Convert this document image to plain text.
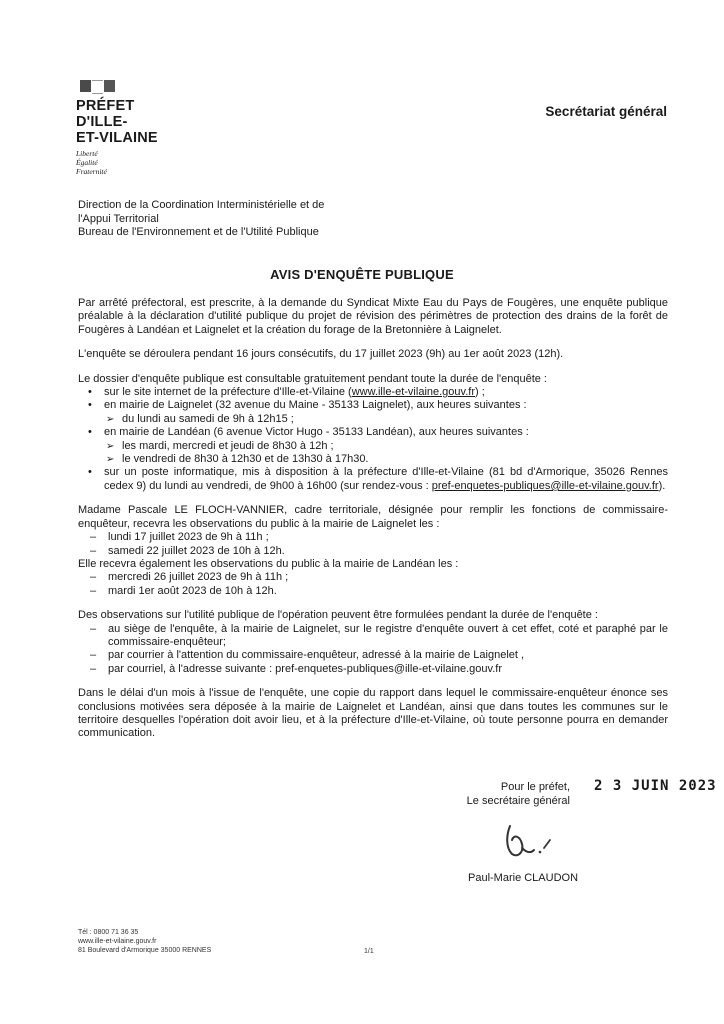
PRÉFET
D'ILLE-
ET-VILAINE
Liberté
Égalité
Fraternité
Secrétariat général
Direction de la Coordination Interministérielle et de
l'Appui Territorial
Bureau de l'Environnement et de l'Utilité Publique
AVIS D'ENQUÊTE PUBLIQUE

Par arrêté préfectoral, est prescrite, à la demande du Syndicat Mixte Eau du Pays de Fougères, une enquête publique préalable à la déclaration d'utilité publique du projet de révision des périmètres de protection des drains de la forêt de Fougères à Landéan et Laignelet et la création du forage de la Bretonnière à Laignelet.

L'enquête se déroulera pendant 16 jours consécutifs, du 17 juillet 2023 (9h) au 1er août 2023 (12h).

Le dossier d'enquête publique est consultable gratuitement pendant toute la durée de l'enquête :

• sur le site internet de la préfecture d'Ille-et-Vilaine (www.ille-et-vilaine.gouv.fr) ;
• en mairie de Laignelet (32 avenue du Maine - 35133 Laignelet), aux heures suivantes :
➢ du lundi au samedi de 9h à 12h15 ;
• en mairie de Landéan (6 avenue Victor Hugo - 35133 Landéan), aux heures suivantes :
➢ les mardi, mercredi et jeudi de 8h30 à 12h ;
➢ le vendredi de 8h30 à 12h30 et de 13h30 à 17h30.
• sur un poste informatique, mis à disposition à la préfecture d'Ille-et-Vilaine (81 bd d'Armorique, 35026 Rennes cedex 9) du lundi au vendredi, de 9h00 à 16h00 (sur rendez-vous : pref-enquetes-publiques@ille-et-vilaine.gouv.fr).

Madame Pascale LE FLOCH-VANNIER, cadre territoriale, désignée pour remplir les fonctions de commissaire-enquêteur, recevra les observations du public à la mairie de Laignelet les :

– lundi 17 juillet 2023 de 9h à 11h ;
– samedi 22 juillet 2023 de 10h à 12h.

Elle recevra également les observations du public à la mairie de Landéan les :

– mercredi 26 juillet 2023 de 9h à 11h ;
– mardi 1er août 2023 de 10h à 12h.

Des observations sur l'utilité publique de l'opération peuvent être formulées pendant la durée de l'enquête :

– au siège de l'enquête, à la mairie de Laignelet, sur le registre d'enquête ouvert à cet effet, coté et paraphé par le commissaire-enquêteur;
– par courrier à l'attention du commissaire-enquêteur, adressé à la mairie de Laignelet ,
– par courriel, à l'adresse suivante : pref-enquetes-publiques@ille-et-vilaine.gouv.fr

Dans le délai d'un mois à l'issue de l'enquête, une copie du rapport dans lequel le commissaire-enquêteur énonce ses conclusions motivées sera déposée à la mairie de Laignelet et Landéan, ainsi que dans toutes les communes sur le territoire desquelles l'opération doit avoir lieu, et à la préfecture d'Ille-et-Vilaine, où toute personne pourra en demander communication.

Pour le préfet,
Le secrétaire général
2 3 JUIN 2023
Paul-Marie CLAUDON
Tél : 0800 71 36 35
www.ille-et-vilaine.gouv.fr
81 Boulevard d'Armorique 35000 RENNES	1/1
